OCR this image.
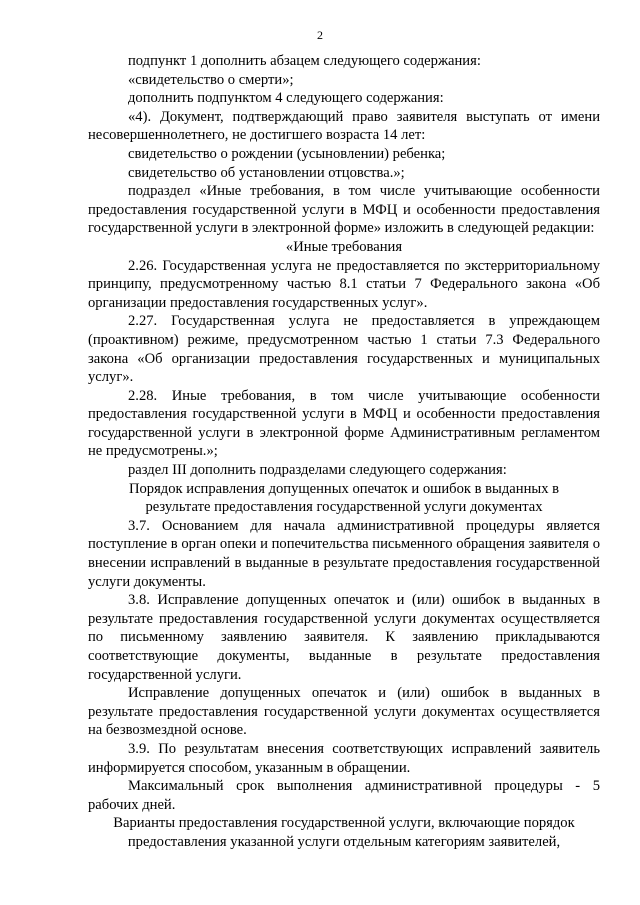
2

подпункт 1 дополнить абзацем следующего содержания:

«свидетельство о смерти»;

дополнить подпунктом 4 следующего содержания:

«4). Документ, подтверждающий право заявителя выступать от имени несовершеннолетнего, не достигшего возраста 14 лет:

свидетельство о рождении (усыновлении) ребенка;

свидетельство об установлении отцовства.»;

подраздел «Иные требования, в том числе учитывающие особенности предоставления государственной услуги в МФЦ и особенности предоставления государственной услуги в электронной форме» изложить в следующей редакции:

«Иные требования

2.26. Государственная услуга не предоставляется по экстерриториальному принципу, предусмотренному частью 8.1 статьи 7 Федерального закона «Об организации предоставления государственных услуг».

2.27. Государственная услуга не предоставляется в упреждающем (проактивном) режиме, предусмотренном частью 1 статьи 7.3 Федерального закона «Об организации предоставления государственных и муниципальных услуг».

2.28. Иные требования, в том числе учитывающие особенности предоставления государственной услуги в МФЦ и особенности предоставления государственной услуги в электронной форме Административным регламентом не предусмотрены.»;

раздел III дополнить подразделами следующего содержания:

Порядок исправления допущенных опечаток и ошибок в выданных в

результате предоставления государственной услуги документах

3.7. Основанием для начала административной процедуры является поступление в орган опеки и попечительства письменного обращения заявителя о внесении исправлений в выданные в результате предоставления государственной услуги документы.

3.8. Исправление допущенных опечаток и (или) ошибок в выданных в результате предоставления государственной услуги документах осуществляется по письменному заявлению заявителя. К заявлению прикладываются соответствующие документы, выданные в результате предоставления государственной услуги.

Исправление допущенных опечаток и (или) ошибок в выданных в результате предоставления государственной услуги документах осуществляется на безвозмездной основе.

3.9. По результатам внесения соответствующих исправлений заявитель информируется способом, указанным в обращении.

Максимальный срок выполнения административной процедуры - 5 рабочих дней.

Варианты предоставления государственной услуги, включающие порядок

предоставления указанной услуги отдельным категориям заявителей,
